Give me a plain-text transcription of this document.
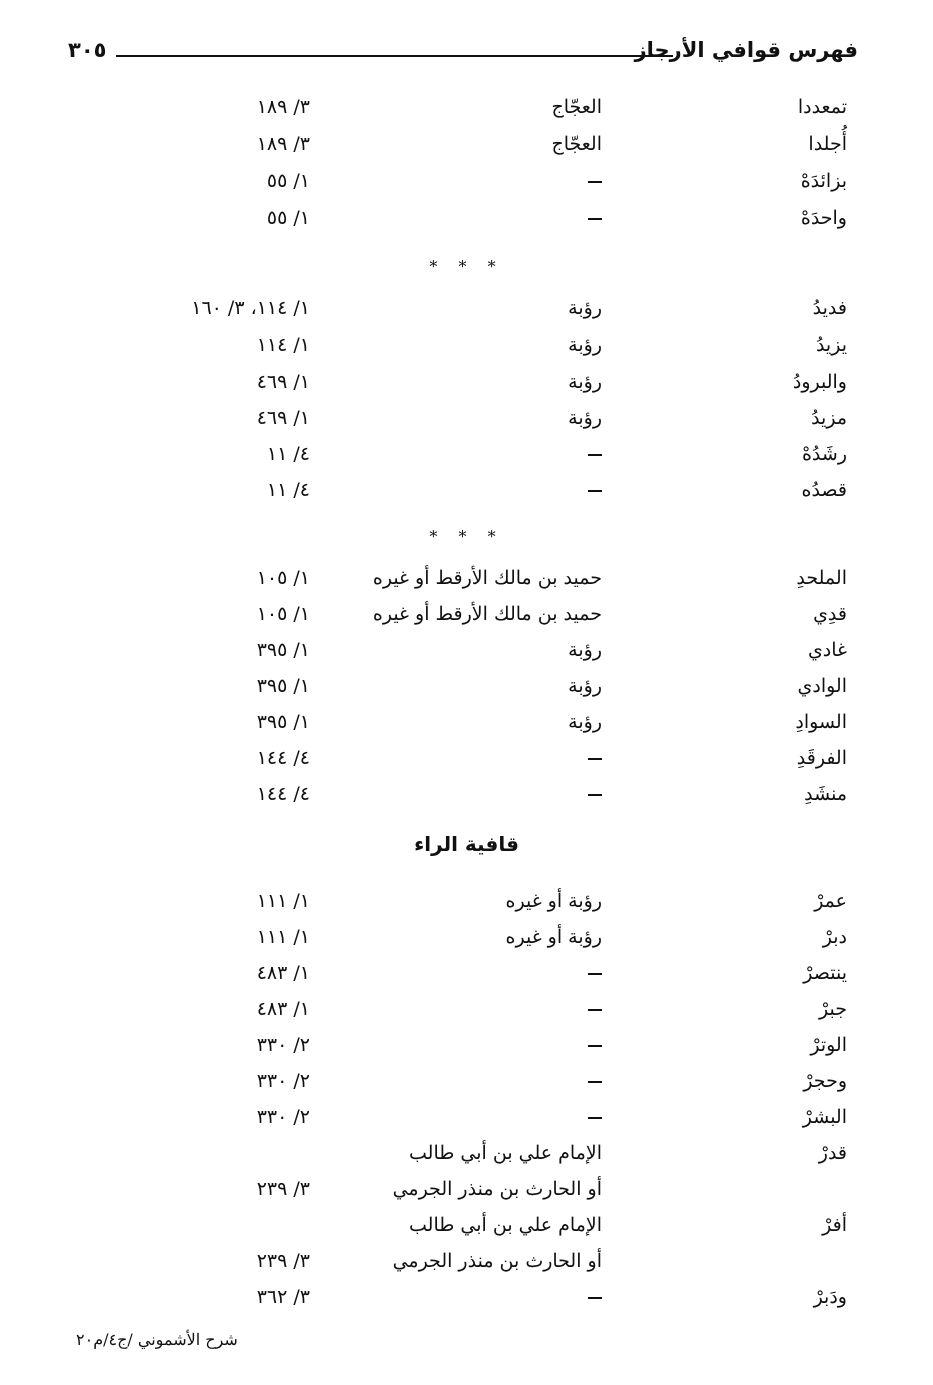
فهرس قوافي الأرجاز
٣٠٥
تمعددا
العجّاج
٣/ ١٨٩
أُجلدا
العجّاج
٣/ ١٨٩
بزائدَهْ
١/ ٥٥
واحدَهْ
١/ ٥٥
* * *
فديدُ
رؤبة
١/ ١١٤، ٣/ ١٦٠
يزيدُ
رؤبة
١/ ١١٤
والبرودُ
رؤبة
١/ ٤٦٩
مزيدُ
رؤبة
١/ ٤٦٩
رشَدُهْ
٤/ ١١
قصدُه
٤/ ١١
* * *
الملحدِ
حميد بن مالك الأرقط أو غيره
١/ ١٠٥
قدِي
حميد بن مالك الأرقط أو غيره
١/ ١٠٥
غادي
رؤبة
١/ ٣٩٥
الوادي
رؤبة
١/ ٣٩٥
السوادِ
رؤبة
١/ ٣٩٥
الفرقَدِ
٤/ ١٤٤
منشَدِ
٤/ ١٤٤
قافية الراء
عمرْ
رؤبة أو غيره
١/ ١١١
دبرْ
رؤبة أو غيره
١/ ١١١
ينتصرْ
١/ ٤٨٣
جبرْ
١/ ٤٨٣
الوترْ
٢/ ٣٣٠
وحجرْ
٢/ ٣٣٠
البشرْ
٢/ ٣٣٠
قدرْ
الإمام علي بن أبي طالب
أو الحارث بن منذر الجرمي
٣/ ٢٣٩
أفرْ
الإمام علي بن أبي طالب
أو الحارث بن منذر الجرمي
٣/ ٢٣٩
ودَبرْ
٣/ ٣٦٢
شرح الأشموني /ج٤/م٢٠
